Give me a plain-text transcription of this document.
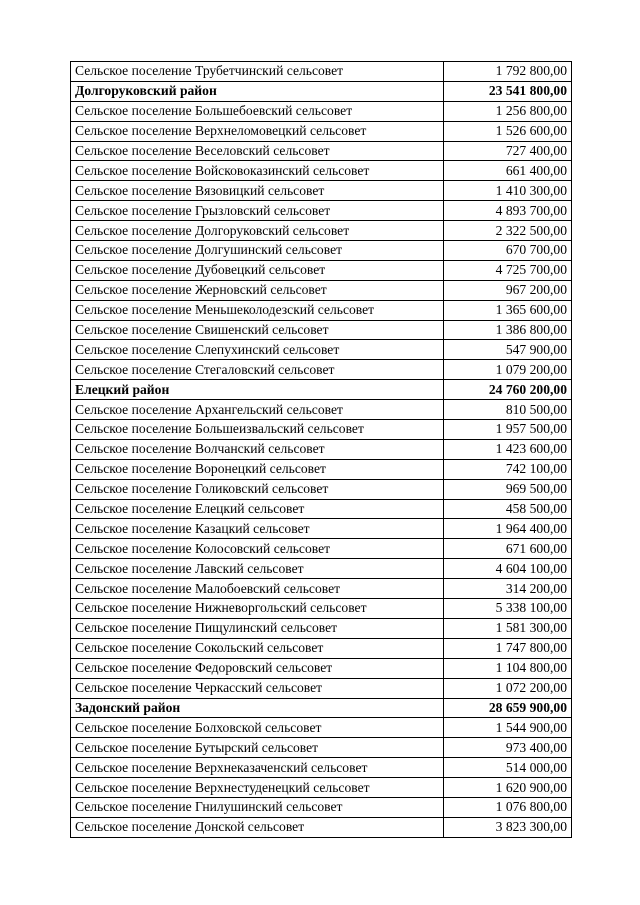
Сельское поселение Трубетчинский сельсовет	1 792 800,00
Долгоруковский район	23 541 800,00
Сельское поселение Большебоевский сельсовет	1 256 800,00
Сельское поселение Верхнеломовецкий сельсовет	1 526 600,00
Сельское поселение Веселовский сельсовет	727 400,00
Сельское поселение Войсковоказинский сельсовет	661 400,00
Сельское поселение Вязовицкий сельсовет	1 410 300,00
Сельское поселение Грызловский сельсовет	4 893 700,00
Сельское поселение Долгоруковский сельсовет	2 322 500,00
Сельское поселение Долгушинский сельсовет	670 700,00
Сельское поселение Дубовецкий сельсовет	4 725 700,00
Сельское поселение Жерновский сельсовет	967 200,00
Сельское поселение Меньшеколодезский сельсовет	1 365 600,00
Сельское поселение Свишенский сельсовет	1 386 800,00
Сельское поселение Слепухинский сельсовет	547 900,00
Сельское поселение Стегаловский сельсовет	1 079 200,00
Елецкий район	24 760 200,00
Сельское поселение Архангельский сельсовет	810 500,00
Сельское поселение Большеизвальский сельсовет	1 957 500,00
Сельское поселение Волчанский сельсовет	1 423 600,00
Сельское поселение Воронецкий сельсовет	742 100,00
Сельское поселение Голиковский сельсовет	969 500,00
Сельское поселение Елецкий сельсовет	458 500,00
Сельское поселение Казацкий сельсовет	1 964 400,00
Сельское поселение Колосовский сельсовет	671 600,00
Сельское поселение Лавский сельсовет	4 604 100,00
Сельское поселение Малобоевский сельсовет	314 200,00
Сельское поселение Нижневоргольский сельсовет	5 338 100,00
Сельское поселение Пищулинский сельсовет	1 581 300,00
Сельское поселение Сокольский сельсовет	1 747 800,00
Сельское поселение Федоровский сельсовет	1 104 800,00
Сельское поселение Черкасский сельсовет	1 072 200,00
Задонский район	28 659 900,00
Сельское поселение Болховской сельсовет	1 544 900,00
Сельское поселение Бутырский сельсовет	973 400,00
Сельское поселение Верхнеказаченский сельсовет	514 000,00
Сельское поселение Верхнестуденецкий сельсовет	1 620 900,00
Сельское поселение Гнилушинский сельсовет	1 076 800,00
Сельское поселение Донской сельсовет	3 823 300,00
